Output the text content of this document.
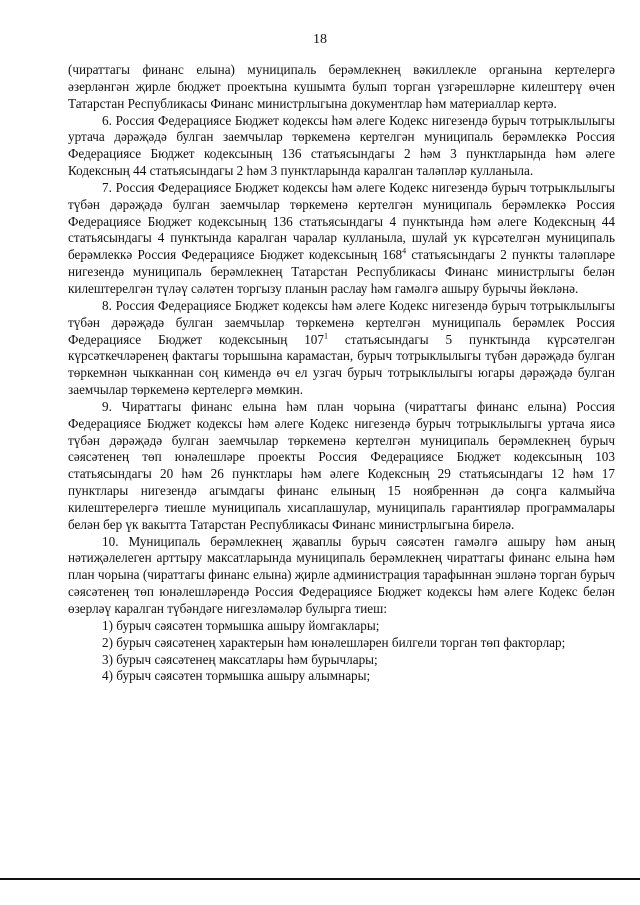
18

(чираттагы финанс елына) муниципаль берәмлекнең вәкиллекле органына кертелергә әзерләнгән җирле бюджет проектына кушымта булып торган үзгәрешләрне килештерү өчен Татарстан Республикасы Финанс министрлыгына документлар һәм материаллар кертә.

6. Россия Федерациясе Бюджет кодексы һәм әлеге Кодекс нигезендә бурыч тотрыклылыгы уртача дәрәҗәдә булган заемчылар төркеменә кертелгән муниципаль берәмлеккә Россия Федерациясе Бюджет кодексының 136 статьясындагы 2 һәм 3 пунктларында һәм әлеге Кодексның 44 статьясындагы 2 һәм 3 пунктларында каралган таләпләр кулланыла.

7. Россия Федерациясе Бюджет кодексы һәм әлеге Кодекс нигезендә бурыч тотрыклылыгы түбән дәрәҗәдә булган заемчылар төркеменә кертелгән муниципаль берәмлеккә Россия Федерациясе Бюджет кодексының 136 статьясындагы 4 пунктында һәм әлеге Кодексның 44 статьясындагы 4 пунктында каралган чаралар кулланыла, шулай ук күрсәтелгән муниципаль берәмлеккә Россия Федерациясе Бюджет кодексының $168^4$ статьясындагы 2 пункты таләпләре нигезендә муниципаль берәмлекнең Татарстан Республикасы Финанс министрлыгы белән килештерелгән түләү сәләтен торгызу планын раслау һәм гамәлгә ашыру бурычы йөкләнә.

8. Россия Федерациясе Бюджет кодексы һәм әлеге Кодекс нигезендә бурыч тотрыклылыгы түбән дәрәҗәдә булган заемчылар төркеменә кертелгән муниципаль берәмлек Россия Федерациясе Бюджет кодексының $107^1$ статьясындагы 5 пунктында күрсәтелгән күрсәткечләренең фактагы торышына карамастан, бурыч тотрыклылыгы түбән дәрәҗәдә булган төркемнән чыкканнан соң кимендә өч ел узгач бурыч тотрыклылыгы югары дәрәҗәдә булган заемчылар төркеменә кертелергә мөмкин.

9. Чираттагы финанс елына һәм план чорына (чираттагы финанс елына) Россия Федерациясе Бюджет кодексы һәм әлеге Кодекс нигезендә бурыч тотрыклылыгы уртача яисә түбән дәрәҗәдә булган заемчылар төркеменә кертелгән муниципаль берәмлекнең бурыч сәясәтенең төп юнәлешләре проекты Россия Федерациясе Бюджет кодексының 103 статьясындагы 20 һәм 26 пунктлары һәм әлеге Кодексның 29 статьясындагы 12 һәм 17 пунктлары нигезендә агымдагы финанс елының 15 ноябреннән дә соңга калмыйча килештерелергә тиешле муниципаль хисаплашулар, муниципаль гарантияләр программалары белән бер үк вакытта Татарстан Республикасы Финанс министрлыгына бирелә.

10. Муниципаль берәмлекнең җаваплы бурыч сәясәтен гамәлгә ашыру һәм аның нәтиҗәлелеген арттыру максатларында муниципаль берәмлекнең чираттагы финанс елына һәм план чорына (чираттагы финанс елына) җирле администрация тарафыннан эшләнә торган бурыч сәясәтенең төп юнәлешләрендә Россия Федерациясе Бюджет кодексы һәм әлеге Кодекс белән өзерләү каралган түбәндәге нигезләмәләр булырга тиеш:

1) бурыч сәясәтен тормышка ашыру йомгаклары;

2) бурыч сәясәтенең характерын һәм юнәлешләрен билгели торган төп факторлар;

3) бурыч сәясәтенең максатлары һәм бурычлары;

4) бурыч сәясәтен тормышка ашыру алымнары;
